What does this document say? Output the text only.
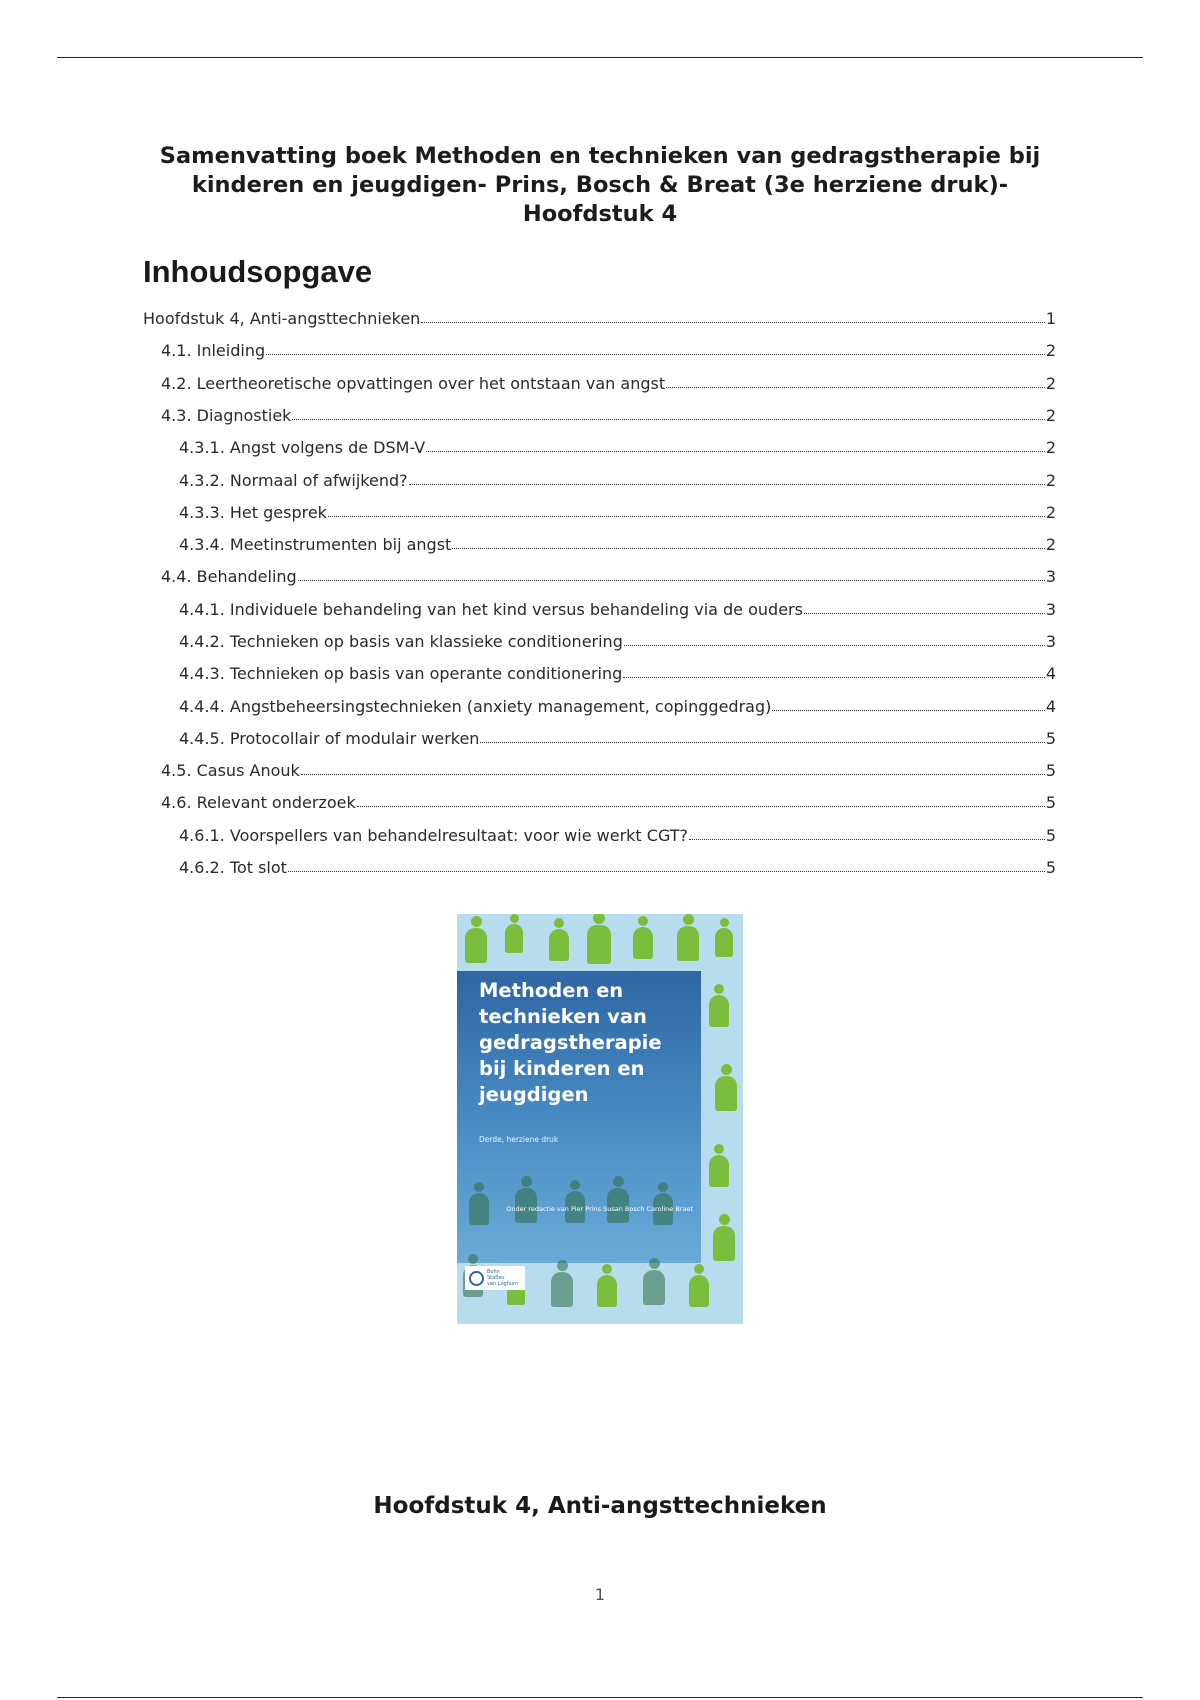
Samenvatting boek Methoden en technieken van gedragstherapie bij kinderen en jeugdigen- Prins, Bosch & Breat (3e herziene druk)- Hoofdstuk 4
Inhoudsopgave
Hoofdstuk 4, Anti-angsttechnieken	1
4.1. Inleiding	2
4.2. Leertheoretische opvattingen over het ontstaan van angst	2
4.3. Diagnostiek	2
4.3.1. Angst volgens de DSM-V	2
4.3.2. Normaal of afwijkend?	2
4.3.3. Het gesprek	2
4.3.4. Meetinstrumenten bij angst	2
4.4. Behandeling	3
4.4.1. Individuele behandeling van het kind versus behandeling via de ouders	3
4.4.2. Technieken op basis van klassieke conditionering	3
4.4.3. Technieken op basis van operante conditionering	4
4.4.4. Angstbeheersingstechnieken (anxiety management, copinggedrag)	4
4.4.5. Protocollair of modulair werken	5
4.5. Casus Anouk	5
4.6. Relevant onderzoek	5
4.6.1. Voorspellers van behandelresultaat: voor wie werkt CGT?	5
4.6.2. Tot slot	5
Methoden en
technieken van
gedragstherapie
bij kinderen en
jeugdigen
Derde, herziene druk
Onder redactie van Pier Prins Susan Bosch Caroline Braet
Bohn
Stafleu
van Loghum
Hoofdstuk 4, Anti-angsttechnieken
1
